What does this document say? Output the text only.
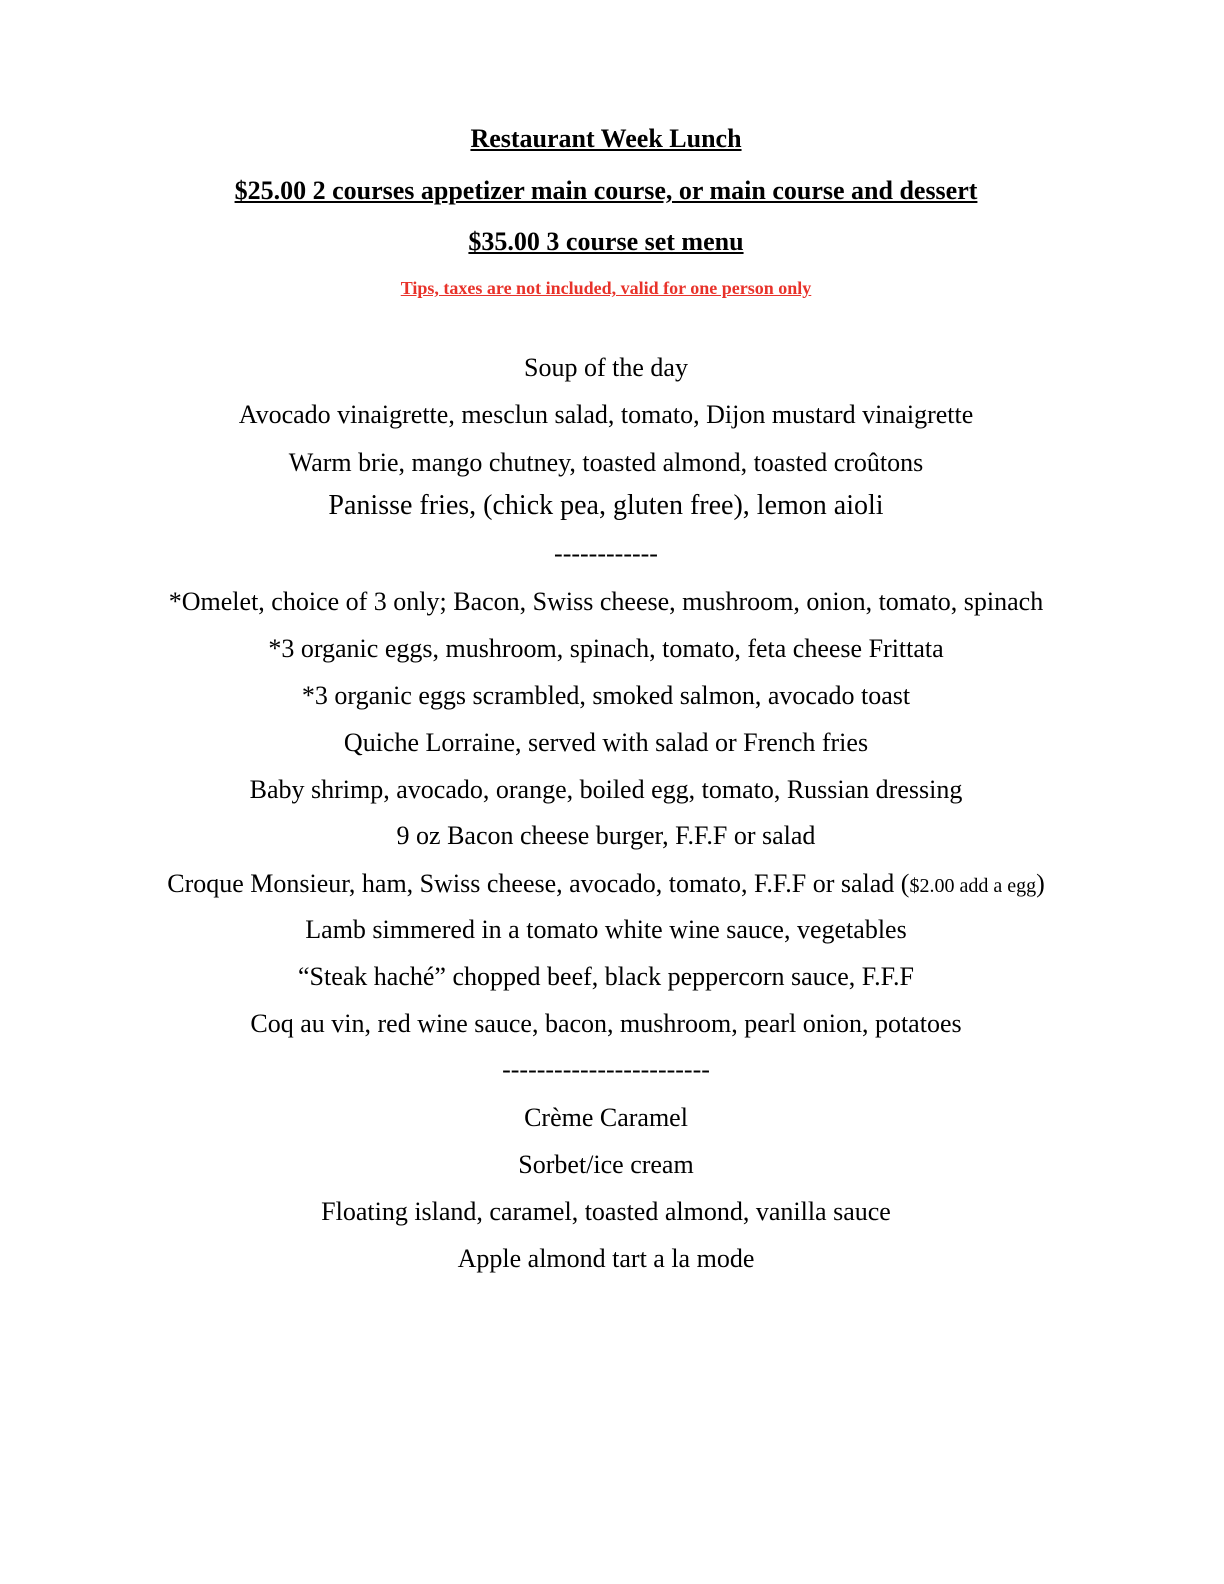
Restaurant Week Lunch
$25.00 2 courses appetizer main course, or main course and dessert
$35.00 3 course set menu
Tips, taxes are not included, valid for one person only
Soup of the day
Avocado vinaigrette, mesclun salad, tomato, Dijon mustard vinaigrette
Warm brie, mango chutney, toasted almond, toasted croûtons
Panisse fries, (chick pea, gluten free), lemon aioli
------------
*Omelet, choice of 3 only; Bacon, Swiss cheese, mushroom, onion, tomato, spinach
*3 organic eggs, mushroom, spinach, tomato, feta cheese Frittata
*3 organic eggs scrambled, smoked salmon, avocado toast
Quiche Lorraine, served with salad or French fries
Baby shrimp, avocado, orange, boiled egg, tomato, Russian dressing
9 oz Bacon cheese burger, F.F.F or salad
Croque Monsieur, ham, Swiss cheese, avocado, tomato, F.F.F or salad ($2.00 add a egg)
Lamb simmered in a tomato white wine sauce, vegetables
“Steak haché” chopped beef, black peppercorn sauce, F.F.F
Coq au vin, red wine sauce, bacon, mushroom, pearl onion, potatoes
------------------------
Crème Caramel
Sorbet/ice cream
Floating island, caramel, toasted almond, vanilla sauce
Apple almond tart a la mode
